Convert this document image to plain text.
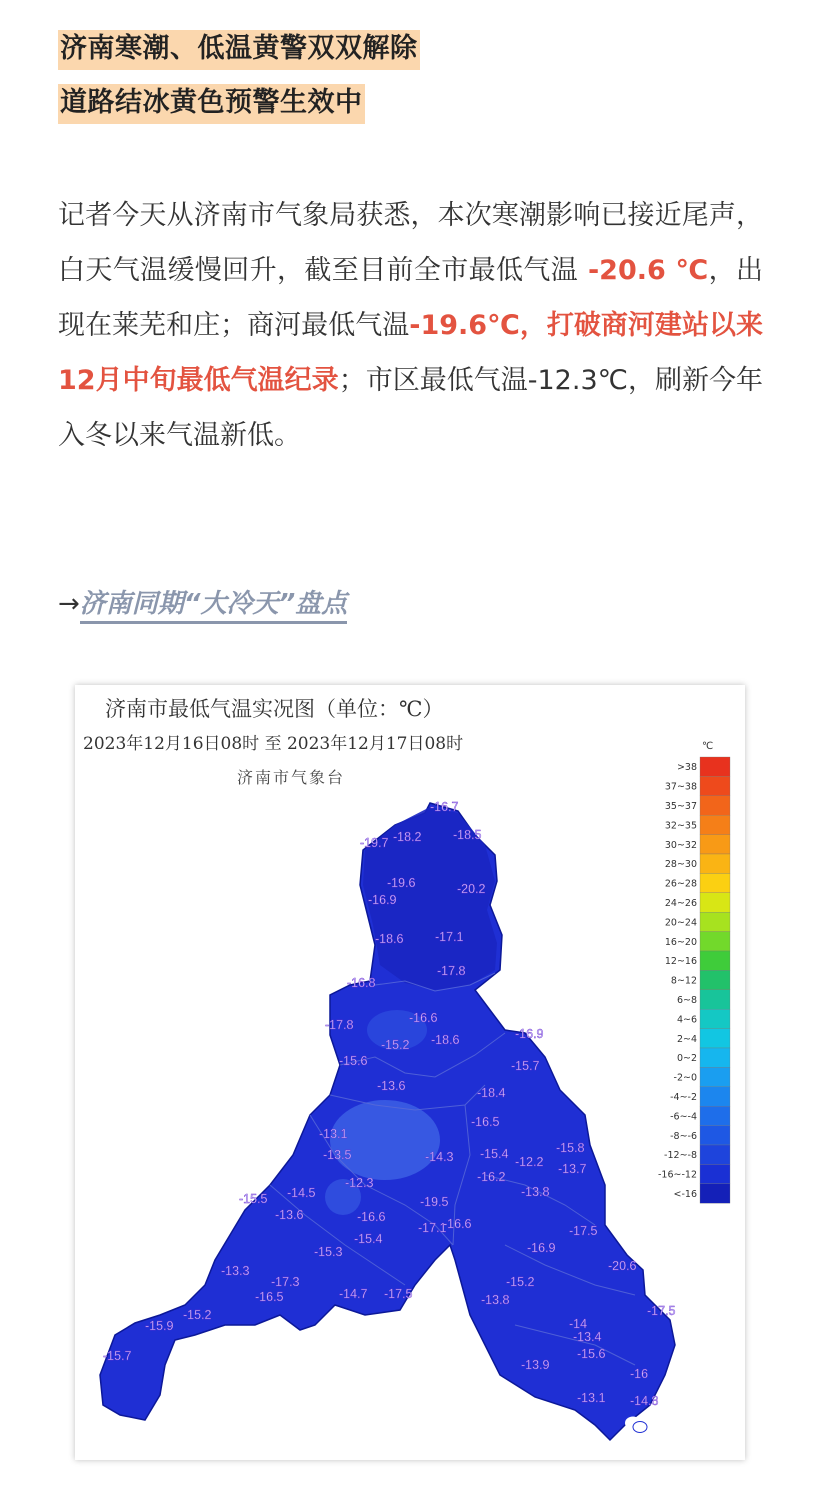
济南寒潮、低温黄警双双解除
道路结冰黄色预警生效中
记者今天从济南市气象局获悉，本次寒潮影响已接近尾声，白天气温缓慢回升，截至目前全市最低气温 -20.6 ℃，出现在莱芜和庄；商河最低气温-19.6℃，打破商河建站以来12月中旬最低气温纪录；市区最低气温-12.3℃，刷新今年入冬以来气温新低。
→济南同期“大冷天”盘点
℃
>38
37~38
35~37
32~35
30~32
28~30
26~28
24~26
20~24
16~20
12~16
8~12
6~8
4~6
2~4
0~2
-2~0
-4~-2
-6~-4
-8~-6
-12~-8
-16~-12
<-16
-16.7
-19.7 -18.2	-18.5
-19.6
-16.9
-20.2
-18.6	-17.1
-17.8
-16.8
-17.8	-16.6
-15.2 -18.6	-16.9
-15.6	-15.7
-13.6	-18.4
-16.5
-13.1
-15.8
-13.5	-14.3 -15.4
-12.2 -13.7
-12.3	-16.2
-15.5 -14.5
-19.5
-13.8
-13.6	-16.6
-17.1
-16.6	-17.5
-15.4
-15.3	-16.9
-20.6
-13.3
-17.3	-15.2
-16.5	-14.7 -17.5	-13.8
-17.5
-15.2
-15.9	-14
-13.4
-15.6
-15.7
-13.9
-16
-13.1 -14.8
济南市最低气温实况图（单位：℃）
2023年12月16日08时 至 2023年12月17日08时
济南市气象台
济南时报
